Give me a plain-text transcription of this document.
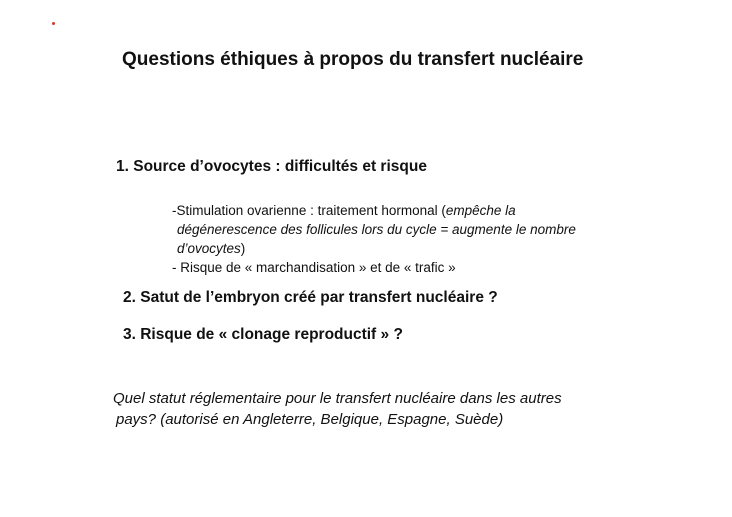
Questions éthiques à propos du transfert nucléaire
1. Source d’ovocytes : difficultés et risque
-Stimulation ovarienne : traitement hormonal (empêche la
dégénerescence des follicules lors du cycle = augmente le nombre
d’ovocytes)
- Risque de « marchandisation » et de « trafic »
2. Satut de l’embryon créé par transfert nucléaire ?
3. Risque de « clonage reproductif » ?
Quel statut réglementaire pour le transfert nucléaire dans les autres
pays? (autorisé en Angleterre, Belgique, Espagne, Suède)
